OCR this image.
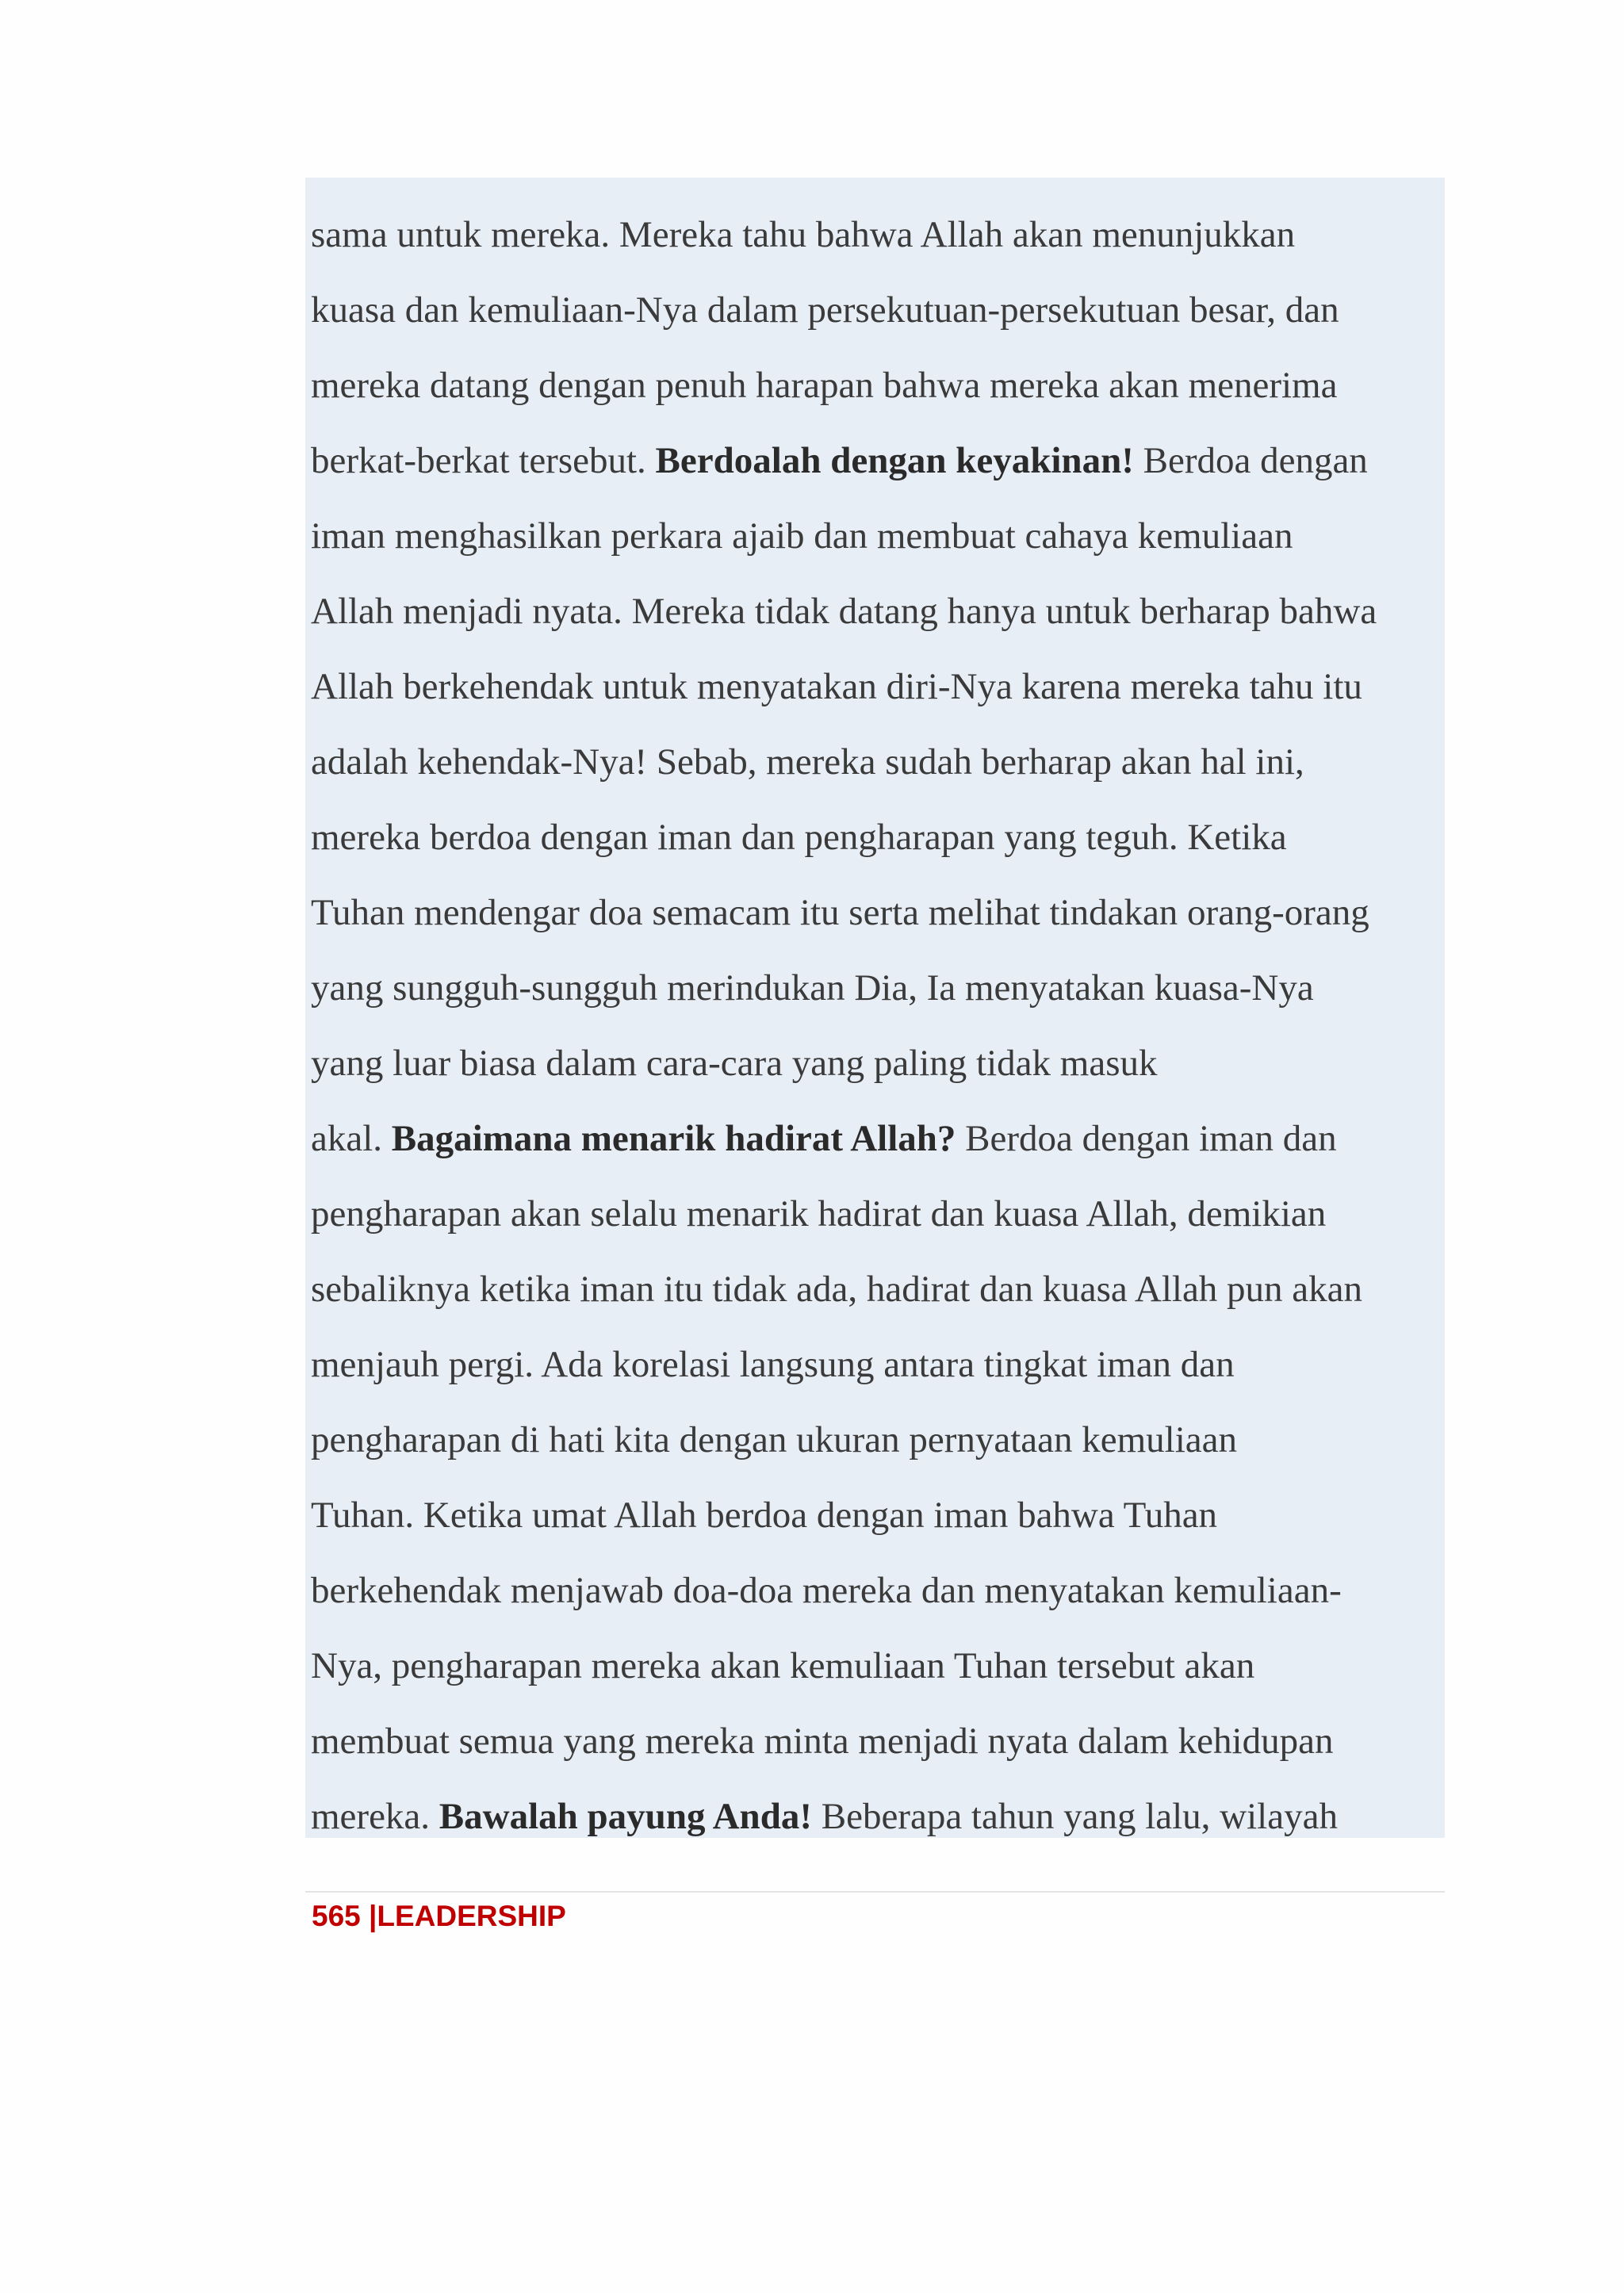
sama untuk mereka. Mereka tahu bahwa Allah akan menunjukkan
kuasa dan kemuliaan-Nya dalam persekutuan-persekutuan besar, dan
mereka datang dengan penuh harapan bahwa mereka akan menerima
berkat-berkat tersebut. Berdoalah dengan keyakinan! Berdoa dengan
iman menghasilkan perkara ajaib dan membuat cahaya kemuliaan
Allah menjadi nyata. Mereka tidak datang hanya untuk berharap bahwa
Allah berkehendak untuk menyatakan diri-Nya karena mereka tahu itu
adalah kehendak-Nya! Sebab, mereka sudah berharap akan hal ini,
mereka berdoa dengan iman dan pengharapan yang teguh. Ketika
Tuhan mendengar doa semacam itu serta melihat tindakan orang-orang
yang sungguh-sungguh merindukan Dia, Ia menyatakan kuasa-Nya
yang luar biasa dalam cara-cara yang paling tidak masuk
akal. Bagaimana menarik hadirat Allah? Berdoa dengan iman dan
pengharapan akan selalu menarik hadirat dan kuasa Allah, demikian
sebaliknya ketika iman itu tidak ada, hadirat dan kuasa Allah pun akan
menjauh pergi. Ada korelasi langsung antara tingkat iman dan
pengharapan di hati kita dengan ukuran pernyataan kemuliaan
Tuhan. Ketika umat Allah berdoa dengan iman bahwa Tuhan
berkehendak menjawab doa-doa mereka dan menyatakan kemuliaan-
Nya, pengharapan mereka akan kemuliaan Tuhan tersebut akan
membuat semua yang mereka minta menjadi nyata dalam kehidupan
mereka. Bawalah payung Anda! Beberapa tahun yang lalu, wilayah
565 |LEADERSHIP
